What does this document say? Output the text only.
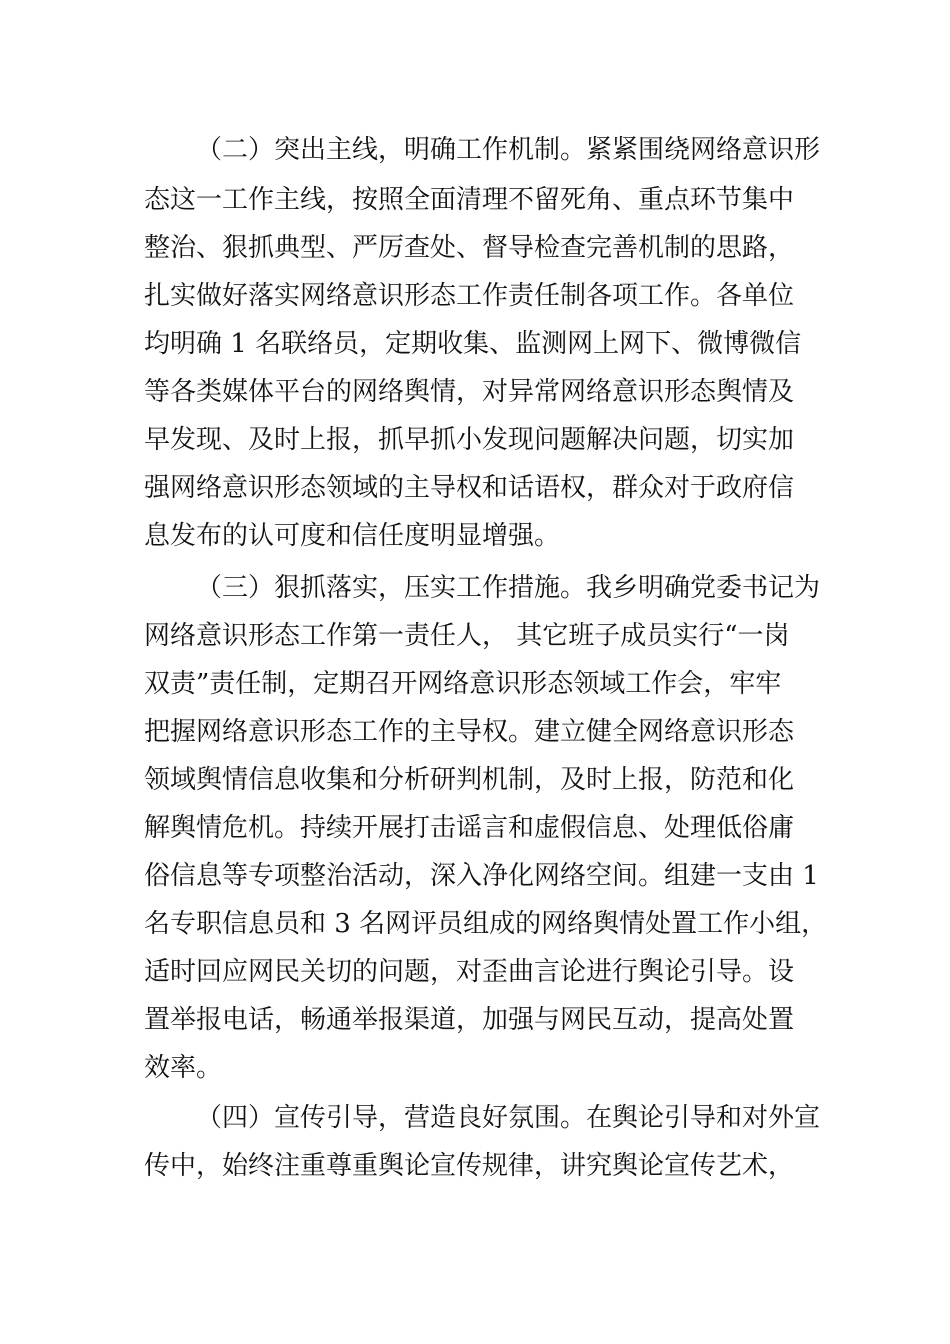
（二）突出主线，明确工作机制。紧紧围绕网络意识形
态这一工作主线，按照全面清理不留死角、重点环节集中
整治、狠抓典型、严厉查处、督导检查完善机制的思路，
扎实做好落实网络意识形态工作责任制各项工作。各单位
均明确 1 名联络员，定期收集、监测网上网下、微博微信
等各类媒体平台的网络舆情，对异常网络意识形态舆情及
早发现、及时上报，抓早抓小发现问题解决问题，切实加
强网络意识形态领域的主导权和话语权，群众对于政府信
息发布的认可度和信任度明显增强。
（三）狠抓落实，压实工作措施。我乡明确党委书记为
网络意识形态工作第一责任人， 其它班子成员实行“一岗
双责”责任制，定期召开网络意识形态领域工作会，牢牢
把握网络意识形态工作的主导权。建立健全网络意识形态
领域舆情信息收集和分析研判机制，及时上报，防范和化
解舆情危机。持续开展打击谣言和虚假信息、处理低俗庸
俗信息等专项整治活动，深入净化网络空间。组建一支由 1
名专职信息员和 3 名网评员组成的网络舆情处置工作小组，
适时回应网民关切的问题，对歪曲言论进行舆论引导。设
置举报电话，畅通举报渠道，加强与网民互动，提高处置
效率。
（四）宣传引导，营造良好氛围。在舆论引导和对外宣
传中，始终注重尊重舆论宣传规律，讲究舆论宣传艺术，
